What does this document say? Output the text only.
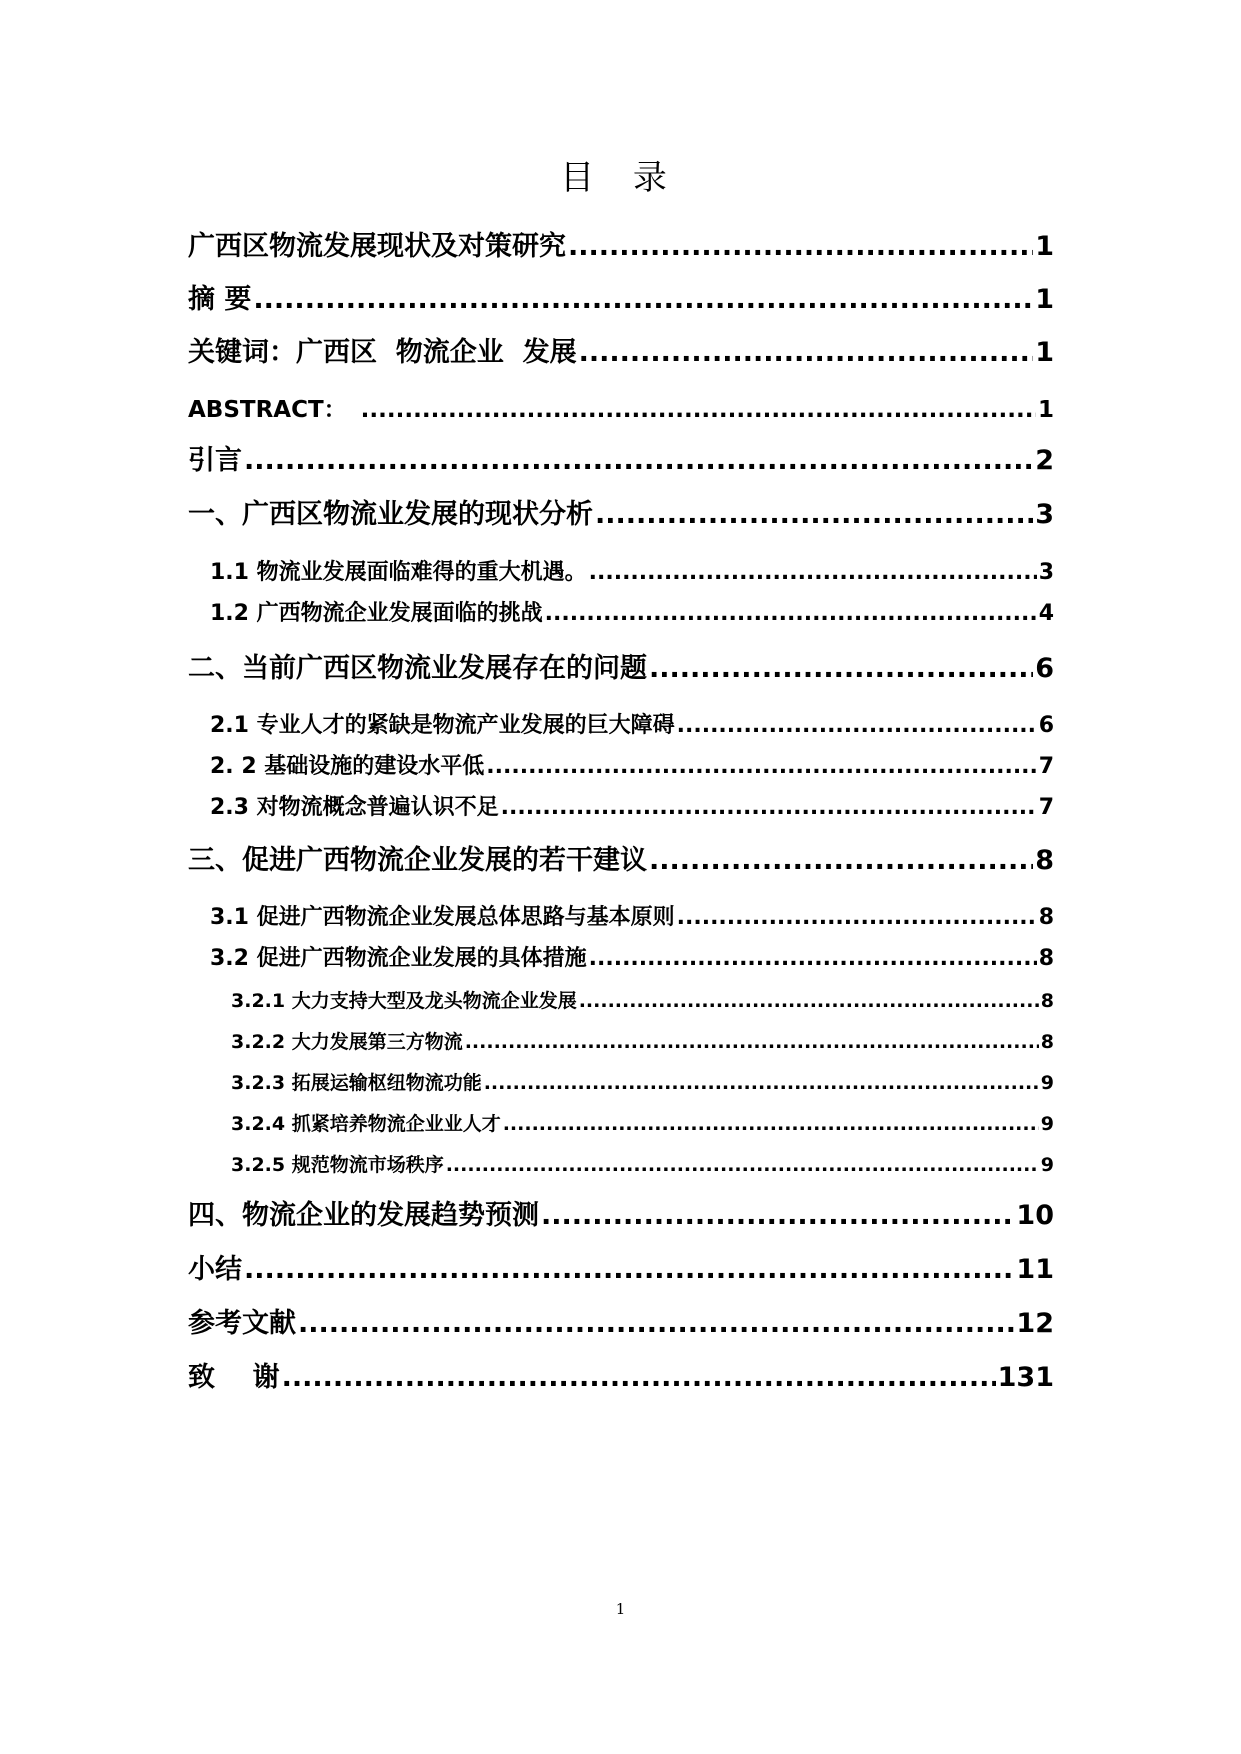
目 录
广西区物流发展现状及对策研究 .....	1
摘 要 .....	1
关键词：广西区  物流企业  发展 .....	1
ABSTRACT： .....	1
引言 .....	2
一、广西区物流业发展的现状分析 .....	3
1.1 物流业发展面临难得的重大机遇。 .....	3
1.2 广西物流企业发展面临的挑战 .....	4
二、当前广西区物流业发展存在的问题 .....	6
2.1 专业人才的紧缺是物流产业发展的巨大障碍 .....	6
2. 2 基础设施的建设水平低 .....	7
2.3 对物流概念普遍认识不足 .....	7
三、促进广西物流企业发展的若干建议 .....	8
3.1 促进广西物流企业发展总体思路与基本原则 .....	8
3.2 促进广西物流企业发展的具体措施 .....	8
3.2.1 大力支持大型及龙头物流企业发展 .....	8
3.2.2 大力发展第三方物流 .....	8
3.2.3 拓展运输枢纽物流功能 .....	9
3.2.4 抓紧培养物流企业业人才 .....	9
3.2.5 规范物流市场秩序 .....	9
四、物流企业的发展趋势预测 .....	10
小结 .....	11
参考文献 .....	12
致    谢 .....	131
1
